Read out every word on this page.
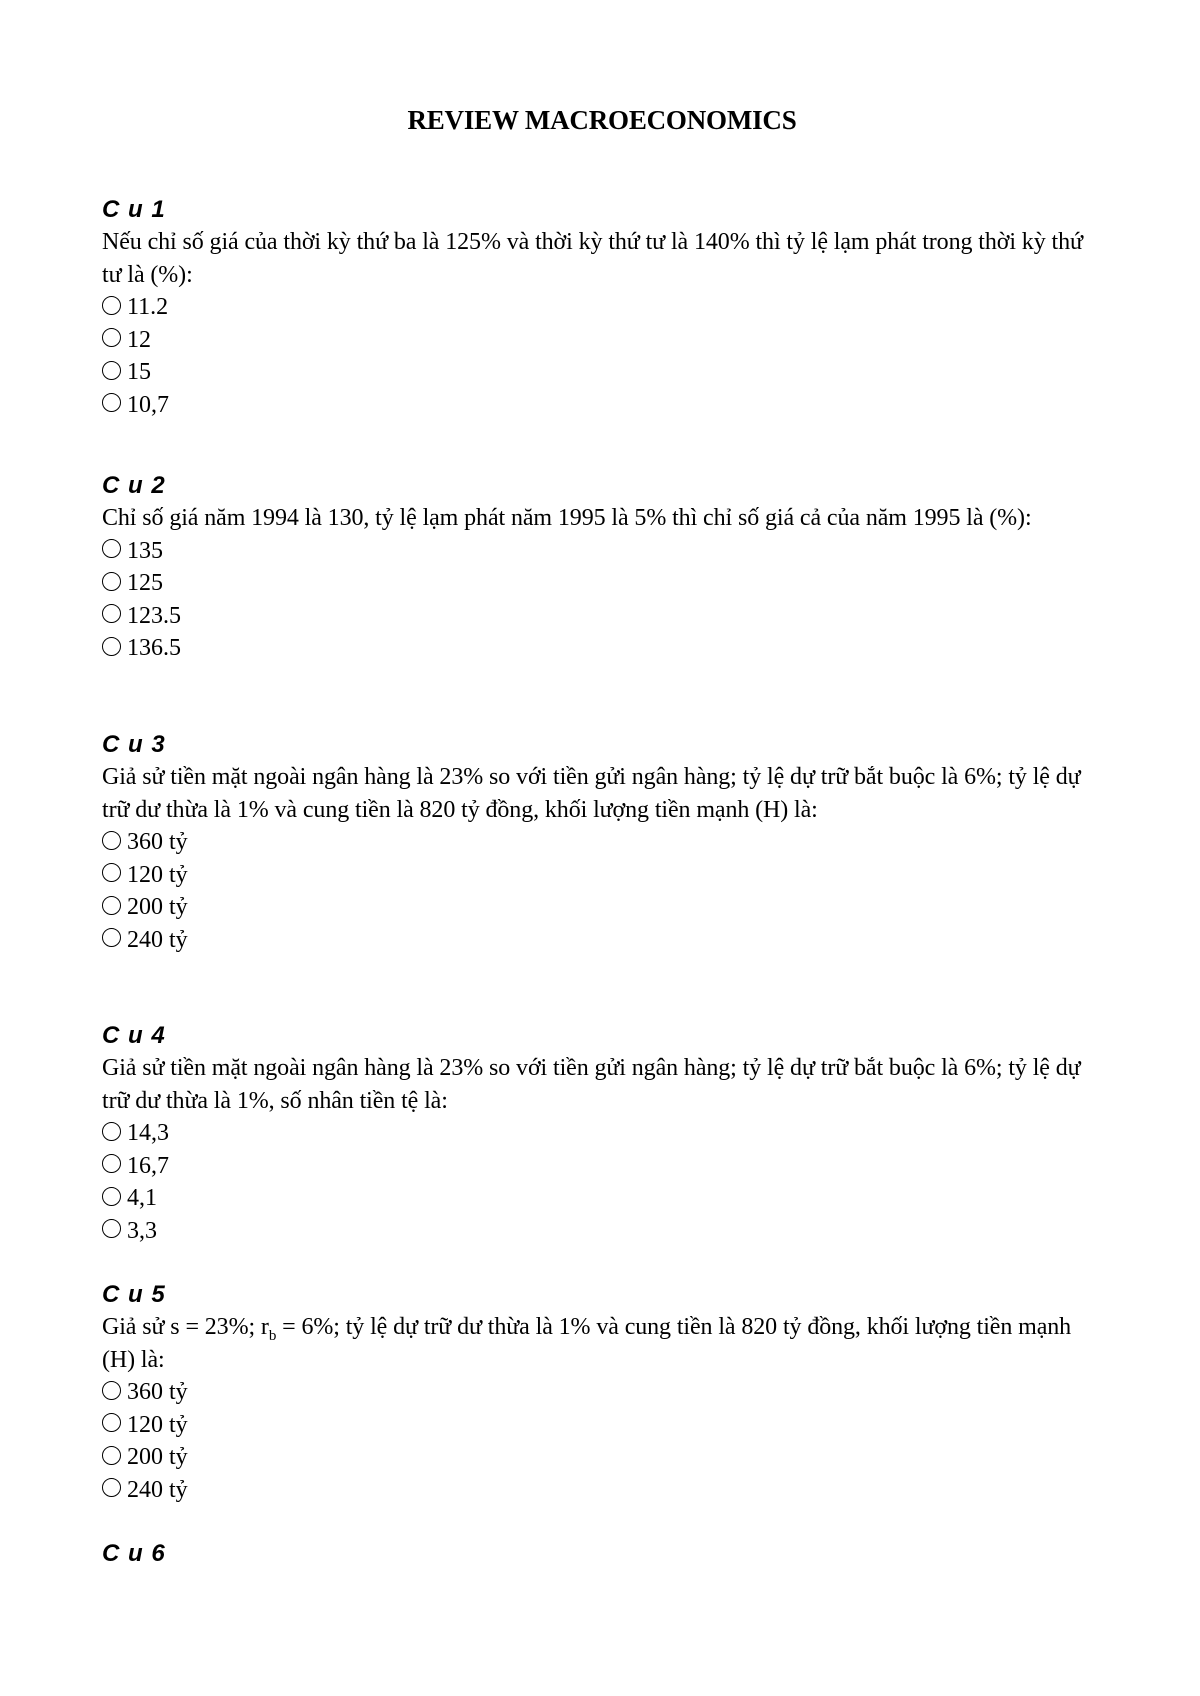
REVIEW MACROECONOMICS
C u 1
Nếu chỉ số giá của thời kỳ thứ ba là 125% và thời kỳ thứ tư là 140% thì tỷ lệ lạm phát trong thời kỳ thứ tư là (%):
11.2
12
15
10,7
C u 2
Chỉ số giá năm 1994 là 130, tỷ lệ lạm phát năm 1995 là 5% thì chỉ số giá cả của năm 1995 là (%):
135
125
123.5
136.5
C u 3
Giả sử tiền mặt ngoài ngân hàng là 23% so với tiền gửi ngân hàng; tỷ lệ dự trữ bắt buộc là 6%; tỷ lệ dự trữ dư thừa là 1% và cung tiền là 820 tỷ đồng, khối lượng tiền mạnh (H) là:
360 tỷ
120 tỷ
200 tỷ
240 tỷ
C u 4
Giả sử tiền mặt ngoài ngân hàng là 23% so với tiền gửi ngân hàng; tỷ lệ dự trữ bắt buộc là 6%; tỷ lệ dự trữ dư thừa là 1%, số nhân tiền tệ là:
14,3
16,7
4,1
3,3
C u 5
Giả sử s = 23%; $r_b = 6\%$; tỷ lệ dự trữ dư thừa là 1% và cung tiền là 820 tỷ đồng, khối lượng tiền mạnh (H) là:
360 tỷ
120 tỷ
200 tỷ
240 tỷ
C u 6
